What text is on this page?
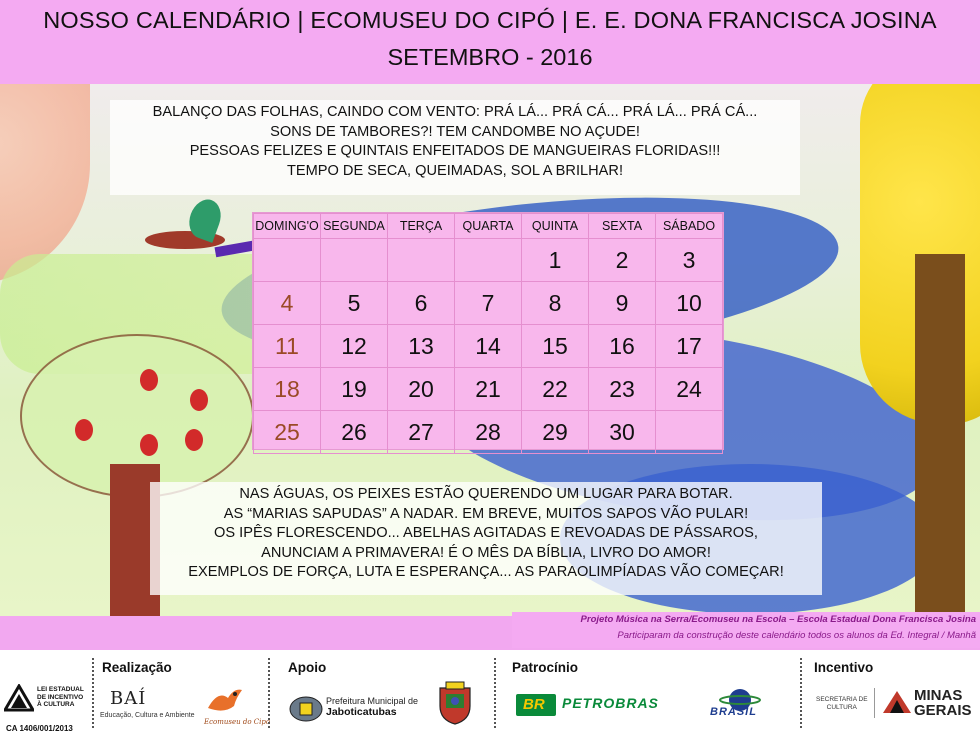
NOSSO CALENDÁRIO | ECOMUSEU DO CIPÓ | E. E. DONA FRANCISCA JOSINA
SETEMBRO - 2016
BALANÇO DAS FOLHAS, CAINDO COM VENTO: PRÁ LÁ... PRÁ CÁ... PRÁ LÁ... PRÁ CÁ...
SONS DE TAMBORES?! TEM CANDOMBE NO AÇUDE!
PESSOAS FELIZES E QUINTAIS ENFEITADOS DE MANGUEIRAS FLORIDAS!!!
TEMPO DE SECA, QUEIMADAS, SOL A BRILHAR!
DOMING'O	SEGUNDA	TERÇA	QUARTA	QUINTA	SEXTA	SÁBADO
				1	2	3
4	5	6	7	8	9	10
11	12	13	14	15	16	17
18	19	20	21	22	23	24
25	26	27	28	29	30	
NAS ÁGUAS, OS PEIXES ESTÃO QUERENDO UM LUGAR PARA BOTAR.
AS “MARIAS SAPUDAS” A NADAR. EM BREVE, MUITOS SAPOS VÃO PULAR!
OS IPÊS FLORESCENDO... ABELHAS AGITADAS E REVOADAS DE PÁSSAROS,
ANUNCIAM A PRIMAVERA! É O MÊS DA BÍBLIA, LIVRO DO AMOR!
EXEMPLOS DE FORÇA, LUTA E ESPERANÇA... AS PARAOLIMPÍADAS VÃO COMEÇAR!
Projeto Música na Serra/Ecomuseu na Escola – Escola Estadual Dona Francisca Josina
Participaram da construção deste calendário todos os alunos da Ed. Integral / Manhã
LEI ESTADUAL
DE INCENTIVO
À CULTURA
CA 1406/001/2013
Realização
BAÍ
Educação, Cultura e Ambiente
Ecomuseu do Cipó
Apoio
Prefeitura Municipal de
Jaboticatubas
Patrocínio
BR PETROBRAS
BRASIL
Incentivo
SECRETARIA DE
CULTURA
MINAS
GERAIS
